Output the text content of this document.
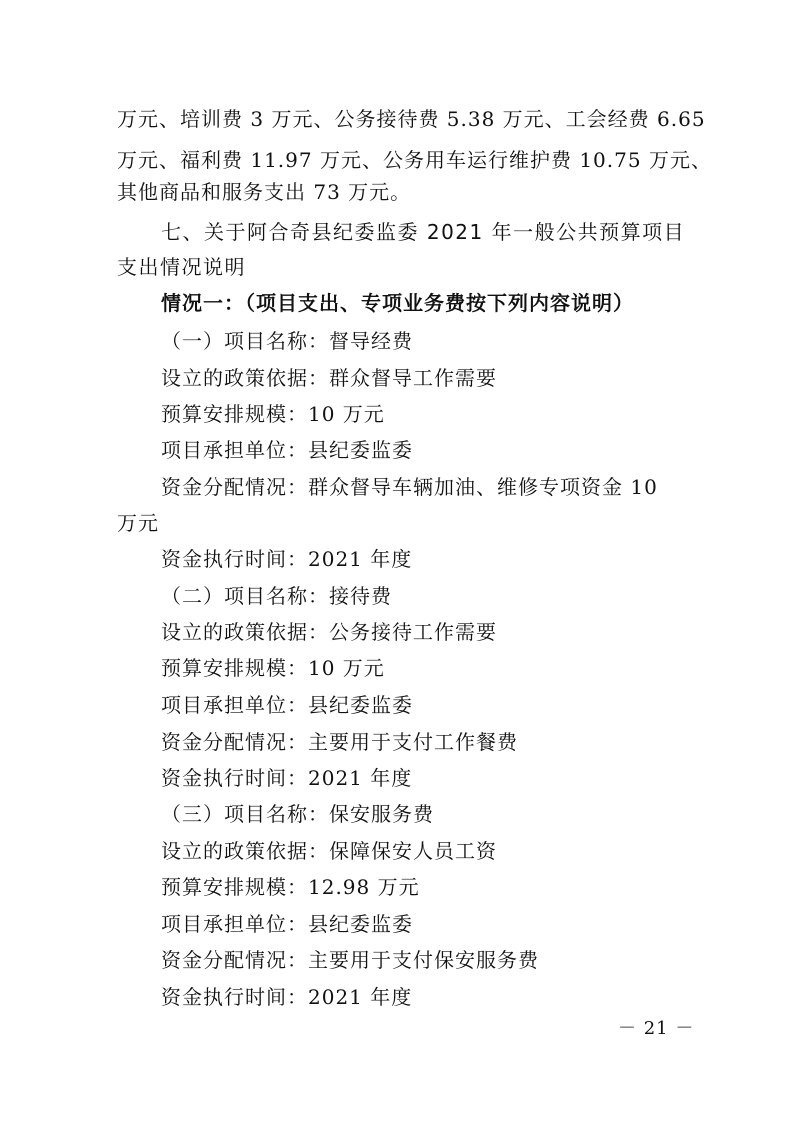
万元、培训费 3 万元、公务接待费 5.38 万元、工会经费 6.65
万元、福利费 11.97 万元、公务用车运行维护费 10.75 万元、
其他商品和服务支出 73 万元。
七、关于阿合奇县纪委监委 2021 年一般公共预算项目
支出情况说明
情况一：（项目支出、专项业务费按下列内容说明）
（一）项目名称：督导经费
设立的政策依据：群众督导工作需要
预算安排规模：10 万元
项目承担单位：县纪委监委
资金分配情况：群众督导车辆加油、维修专项资金 10
万元
资金执行时间：2021 年度
（二）项目名称：接待费
设立的政策依据：公务接待工作需要
预算安排规模：10 万元
项目承担单位：县纪委监委
资金分配情况：主要用于支付工作餐费
资金执行时间：2021 年度
（三）项目名称：保安服务费
设立的政策依据：保障保安人员工资
预算安排规模：12.98 万元
项目承担单位：县纪委监委
资金分配情况：主要用于支付保安服务费
资金执行时间：2021 年度
－ 21 －
